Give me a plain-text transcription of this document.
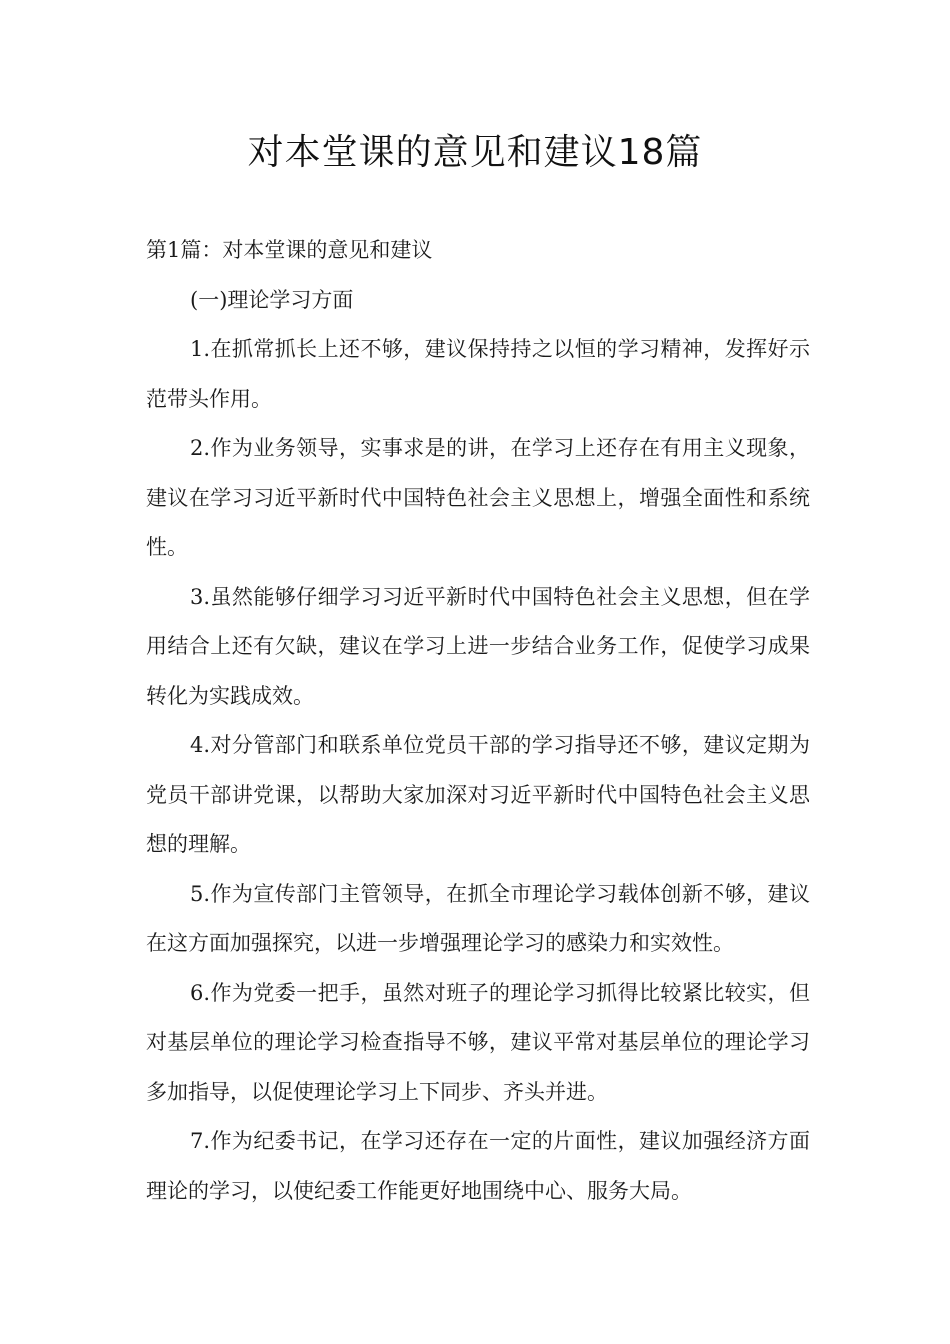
对本堂课的意见和建议18篇

第1篇：对本堂课的意见和建议

(一)理论学习方面

1.在抓常抓长上还不够，建议保持持之以恒的学习精神，发挥好示范带头作用。

2.作为业务领导，实事求是的讲，在学习上还存在有用主义现象，建议在学习习近平新时代中国特色社会主义思想上，增强全面性和系统性。

3.虽然能够仔细学习习近平新时代中国特色社会主义思想，但在学用结合上还有欠缺，建议在学习上进一步结合业务工作，促使学习成果转化为实践成效。

4.对分管部门和联系单位党员干部的学习指导还不够，建议定期为党员干部讲党课，以帮助大家加深对习近平新时代中国特色社会主义思想的理解。

5.作为宣传部门主管领导，在抓全市理论学习载体创新不够，建议在这方面加强探究，以进一步增强理论学习的感染力和实效性。

6.作为党委一把手，虽然对班子的理论学习抓得比较紧比较实，但对基层单位的理论学习检查指导不够，建议平常对基层单位的理论学习多加指导，以促使理论学习上下同步、齐头并进。

7.作为纪委书记，在学习还存在一定的片面性，建议加强经济方面理论的学习，以使纪委工作能更好地围绕中心、服务大局。
